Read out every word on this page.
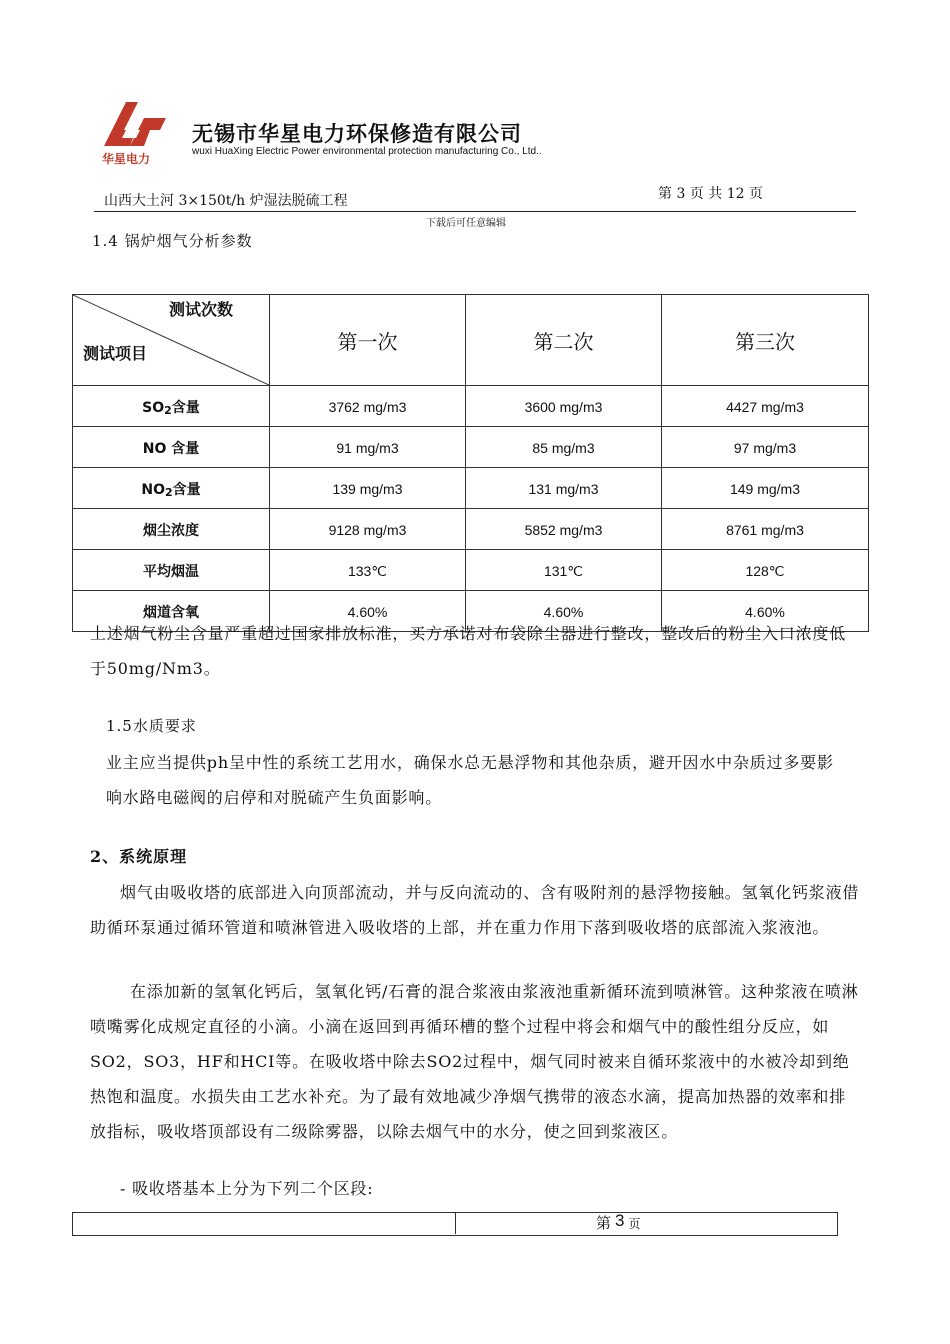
华星电力
无锡市华星电力环保修造有限公司
wuxi HuaXing Electric Power environmental protection manufacturing Co., Ltd..
山西大土河 3×150t/h 炉湿法脱硫工程	第 3 页 共 12 页
下载后可任意编辑
1.4 锅炉烟气分析参数
测试次数
测试项目	第一次	第二次	第三次
$SO_2$含量	3762 mg/m3	3600 mg/m3	4427 mg/m3
NO 含量	91 mg/m3	85 mg/m3	97 mg/m3
$NO_2$含量	139 mg/m3	131 mg/m3	149 mg/m3
烟尘浓度	9128 mg/m3	5852 mg/m3	8761 mg/m3
平均烟温	133℃	131℃	128℃
烟道含氧	4.60%	4.60%	4.60%
上述烟气粉尘含量严重超过国家排放标准，买方承诺对布袋除尘器进行整改，整改后的粉尘入口浓度低于50mg/Nm3。
1.5水质要求
业主应当提供ph呈中性的系统工艺用水，确保水总无悬浮物和其他杂质，避开因水中杂质过多要影响水路电磁阀的启停和对脱硫产生负面影响。
2、系统原理
烟气由吸收塔的底部进入向顶部流动，并与反向流动的、含有吸附剂的悬浮物接触。氢氧化钙浆液借助循环泵通过循环管道和喷淋管进入吸收塔的上部，并在重力作用下落到吸收塔的底部流入浆液池。
在添加新的氢氧化钙后，氢氧化钙/石膏的混合浆液由浆液池重新循环流到喷淋管。这种浆液在喷淋喷嘴雾化成规定直径的小滴。小滴在返回到再循环槽的整个过程中将会和烟气中的酸性组分反应，如SO2，SO3，HF和HCI等。在吸收塔中除去SO2过程中，烟气同时被来自循环浆液中的水被冷却到绝热饱和温度。水损失由工艺水补充。为了最有效地减少净烟气携带的液态水滴，提高加热器的效率和排放指标，吸收塔顶部设有二级除雾器，以除去烟气中的水分，使之回到浆液区。
- 吸收塔基本上分为下列二个区段:
第 3 页
